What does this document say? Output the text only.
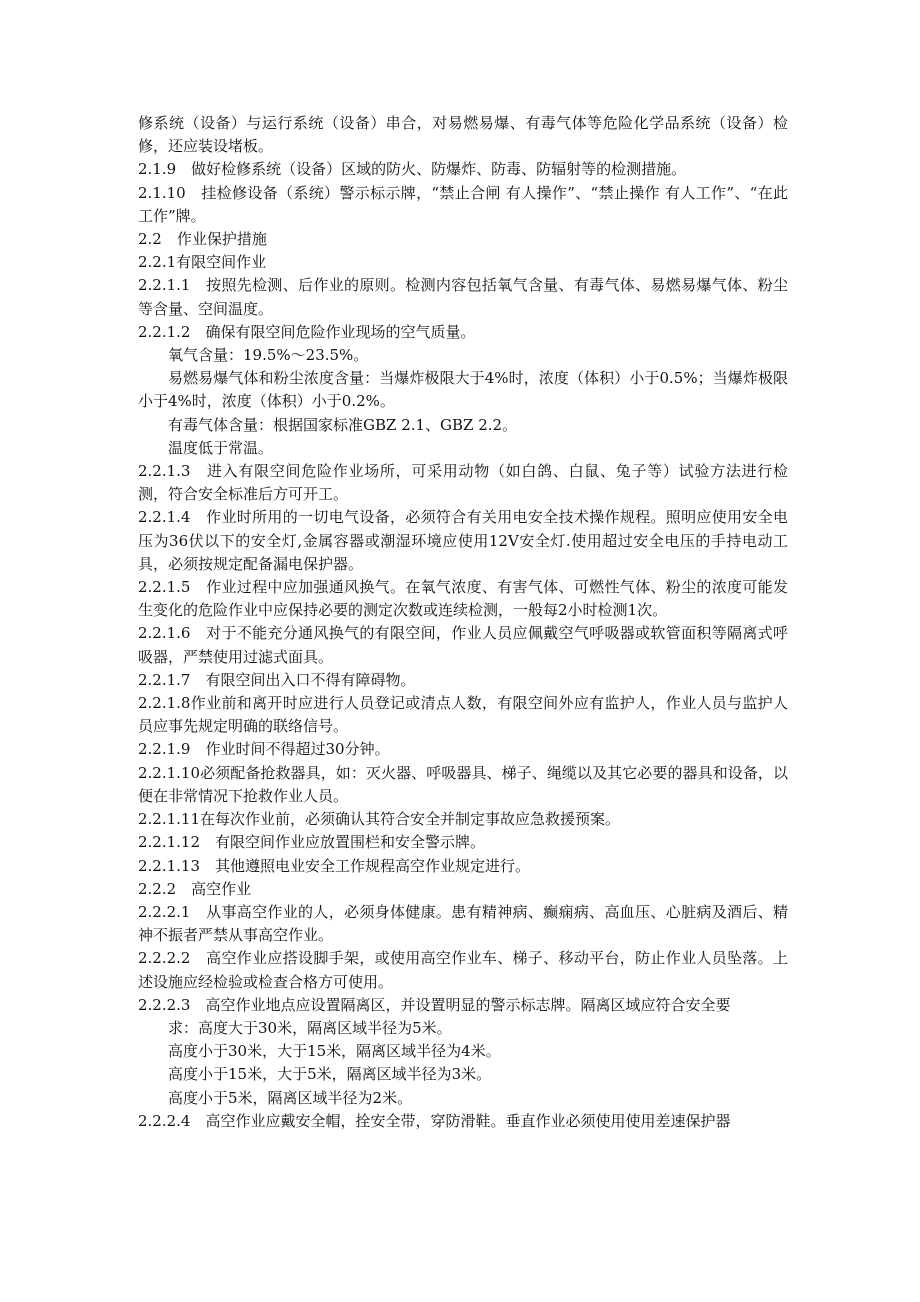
修系统（设备）与运行系统（设备）串合，对易燃易爆、有毒气体等危险化学品系统（设备）检修，还应装设堵板。

2.1.9　做好检修系统（设备）区域的防火、防爆炸、防毒、防辐射等的检测措施。

2.1.10　挂检修设备（系统）警示标示牌，“禁止合闸 有人操作”、“禁止操作 有人工作”、“在此工作”牌。

2.2　作业保护措施

2.2.1有限空间作业

2.2.1.1　按照先检测、后作业的原则。检测内容包括氧气含量、有毒气体、易燃易爆气体、粉尘等含量、空间温度。

2.2.1.2　确保有限空间危险作业现场的空气质量。

氧气含量：19.5%～23.5%。

易燃易爆气体和粉尘浓度含量：当爆炸极限大于4%时，浓度（体积）小于0.5%；当爆炸极限小于4%时，浓度（体积）小于0.2%。

有毒气体含量：根据国家标准GBZ 2.1、GBZ 2.2。

温度低于常温。

2.2.1.3　进入有限空间危险作业场所，可采用动物（如白鸽、白鼠、兔子等）试验方法进行检测，符合安全标准后方可开工。

2.2.1.4　作业时所用的一切电气设备，必须符合有关用电安全技术操作规程。照明应使用安全电压为36伏以下的安全灯,金属容器或潮湿环境应使用12V安全灯.使用超过安全电压的手持电动工具，必须按规定配备漏电保护器。

2.2.1.5　作业过程中应加强通风换气。在氧气浓度、有害气体、可燃性气体、粉尘的浓度可能发生变化的危险作业中应保持必要的测定次数或连续检测，一般每2小时检测1次。

2.2.1.6　对于不能充分通风换气的有限空间，作业人员应佩戴空气呼吸器或软管面积等隔离式呼吸器，严禁使用过滤式面具。

2.2.1.7　有限空间出入口不得有障碍物。

2.2.1.8作业前和离开时应进行人员登记或清点人数，有限空间外应有监护人，作业人员与监护人员应事先规定明确的联络信号。

2.2.1.9　作业时间不得超过30分钟。

2.2.1.10必须配备抢救器具，如：灭火器、呼吸器具、梯子、绳缆以及其它必要的器具和设备，以便在非常情况下抢救作业人员。

2.2.1.11在每次作业前，必须确认其符合安全并制定事故应急救援预案。

2.2.1.12　有限空间作业应放置围栏和安全警示牌。

2.2.1.13　其他遵照电业安全工作规程高空作业规定进行。

2.2.2　高空作业

2.2.2.1　从事高空作业的人，必须身体健康。患有精神病、癫痫病、高血压、心脏病及酒后、精神不振者严禁从事高空作业。

2.2.2.2　高空作业应搭设脚手架，或使用高空作业车、梯子、移动平台，防止作业人员坠落。上述设施应经检验或检查合格方可使用。

2.2.2.3　高空作业地点应设置隔离区，并设置明显的警示标志牌。隔离区域应符合安全要

求：高度大于30米，隔离区域半径为5米。

高度小于30米，大于15米，隔离区域半径为4米。

高度小于15米，大于5米，隔离区域半径为3米。

高度小于5米，隔离区域半径为2米。

2.2.2.4　高空作业应戴安全帽，拴安全带，穿防滑鞋。垂直作业必须使用使用差速保护器
